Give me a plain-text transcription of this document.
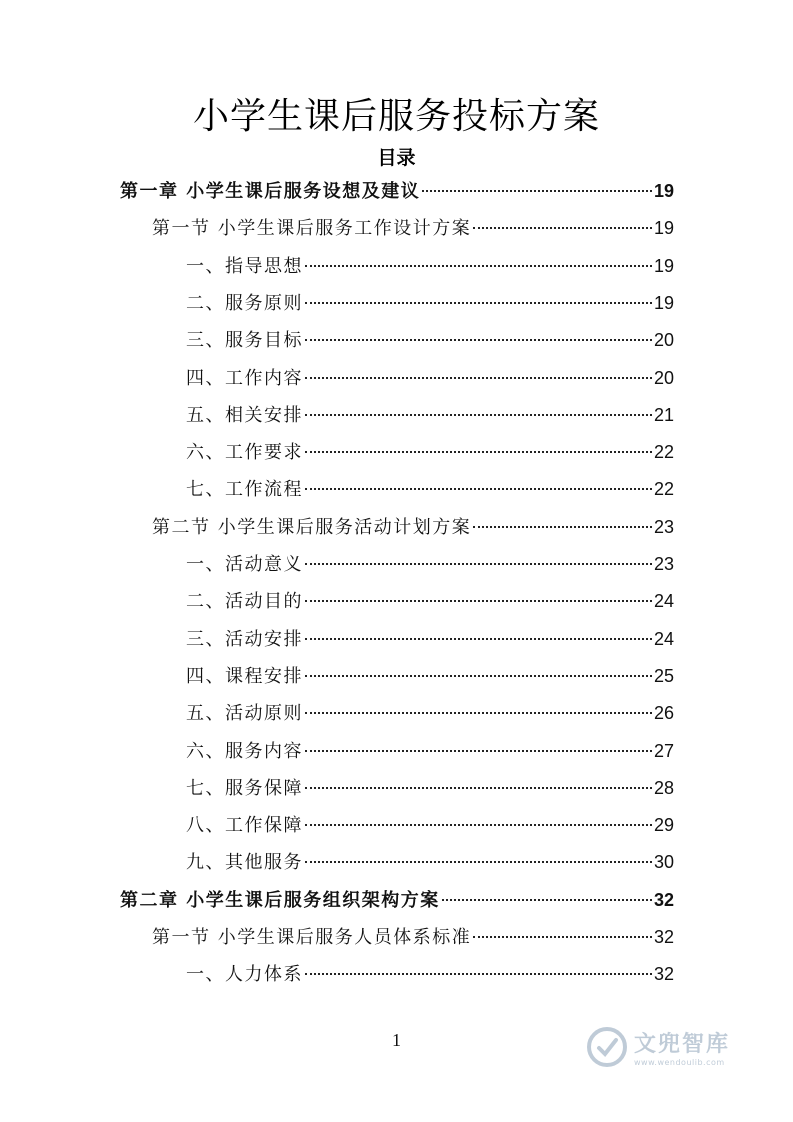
小学生课后服务投标方案
目录
第一章 小学生课后服务设想及建议	19
第一节 小学生课后服务工作设计方案	19
一、指导思想	19
二、服务原则	19
三、服务目标	20
四、工作内容	20
五、相关安排	21
六、工作要求	22
七、工作流程	22
第二节 小学生课后服务活动计划方案	23
一、活动意义	23
二、活动目的	24
三、活动安排	24
四、课程安排	25
五、活动原则	26
六、服务内容	27
七、服务保障	28
八、工作保障	29
九、其他服务	30
第二章 小学生课后服务组织架构方案	32
第一节 小学生课后服务人员体系标准	32
一、人力体系	32
1	文兜智库
www.wendoulib.com
